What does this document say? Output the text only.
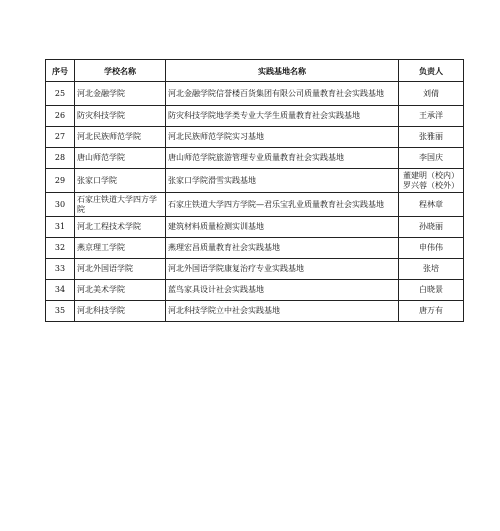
序号	学校名称	实践基地名称	负责人
25	河北金融学院	河北金融学院信誉楼百货集团有限公司质量教育社会实践基地	刘倩

26	防灾科技学院	防灾科技学院地学类专业大学生质量教育社会实践基地	王承洋

27	河北民族师范学院	河北民族师范学院实习基地	张雅丽

28	唐山师范学院	唐山师范学院旅游管理专业质量教育社会实践基地	李国庆

29	张家口学院	张家口学院滑雪实践基地	董建明（校内）
罗兴蓉（校外）

30	石家庄铁道大学四方学院	石家庄铁道大学四方学院—君乐宝乳业质量教育社会实践基地	程林章

31	河北工程技术学院	建筑材料质量检测实训基地	孙晓丽

32	燕京理工学院	燕理宏昌质量教育社会实践基地	申伟伟

33	河北外国语学院	河北外国语学院康复治疗专业实践基地	张培

34	河北美术学院	蓝鸟家具设计社会实践基地	白晓景

35	河北科技学院	河北科技学院立中社会实践基地	唐万有
